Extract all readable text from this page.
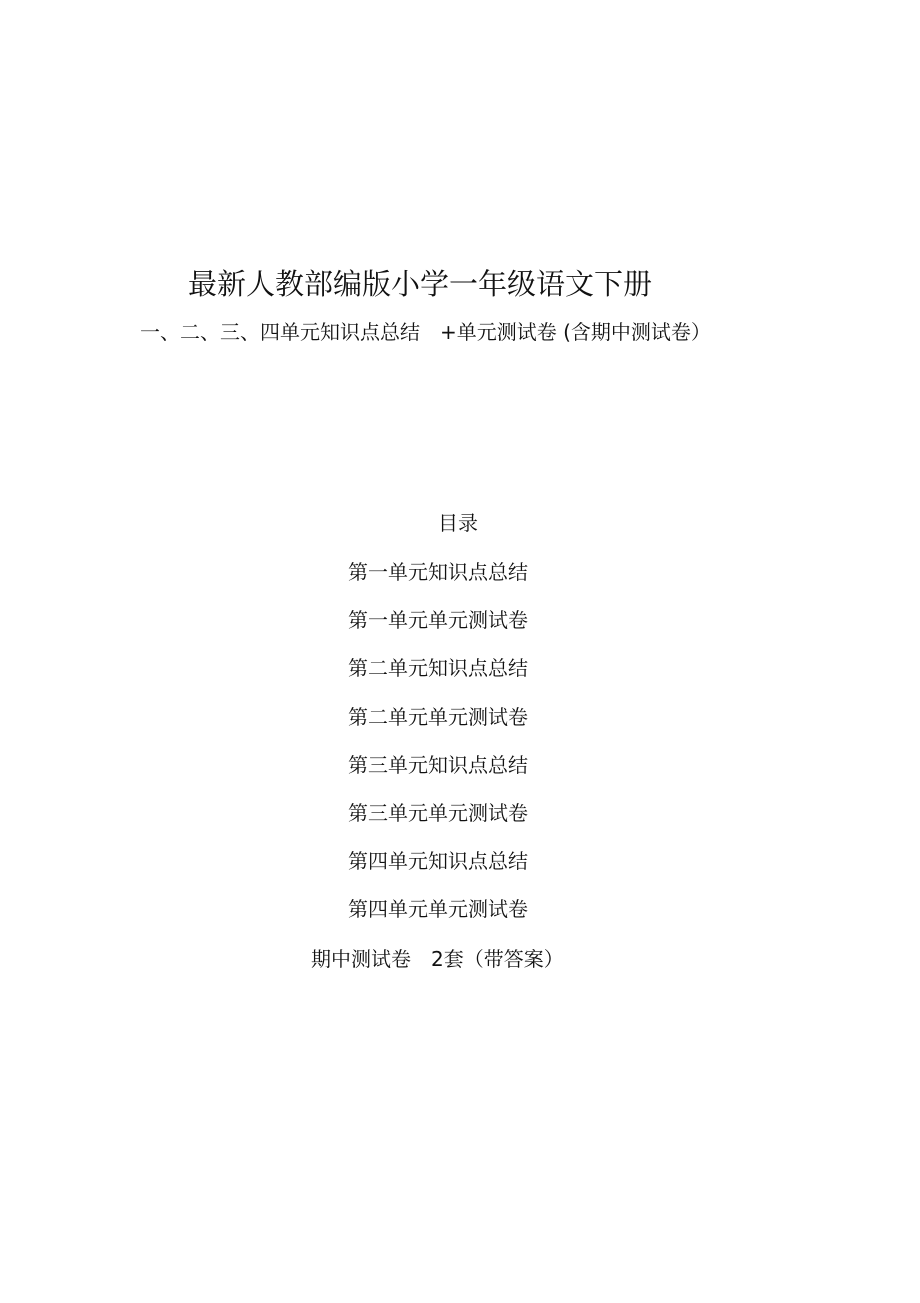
最新人教部编版小学一年级语文下册
一、二、三、四单元知识点总结　+单元测试卷 (含期中测试卷）
目录
第一单元知识点总结
第一单元单元测试卷
第二单元知识点总结
第二单元单元测试卷
第三单元知识点总结
第三单元单元测试卷
第四单元知识点总结
第四单元单元测试卷
期中测试卷　2套（带答案）
